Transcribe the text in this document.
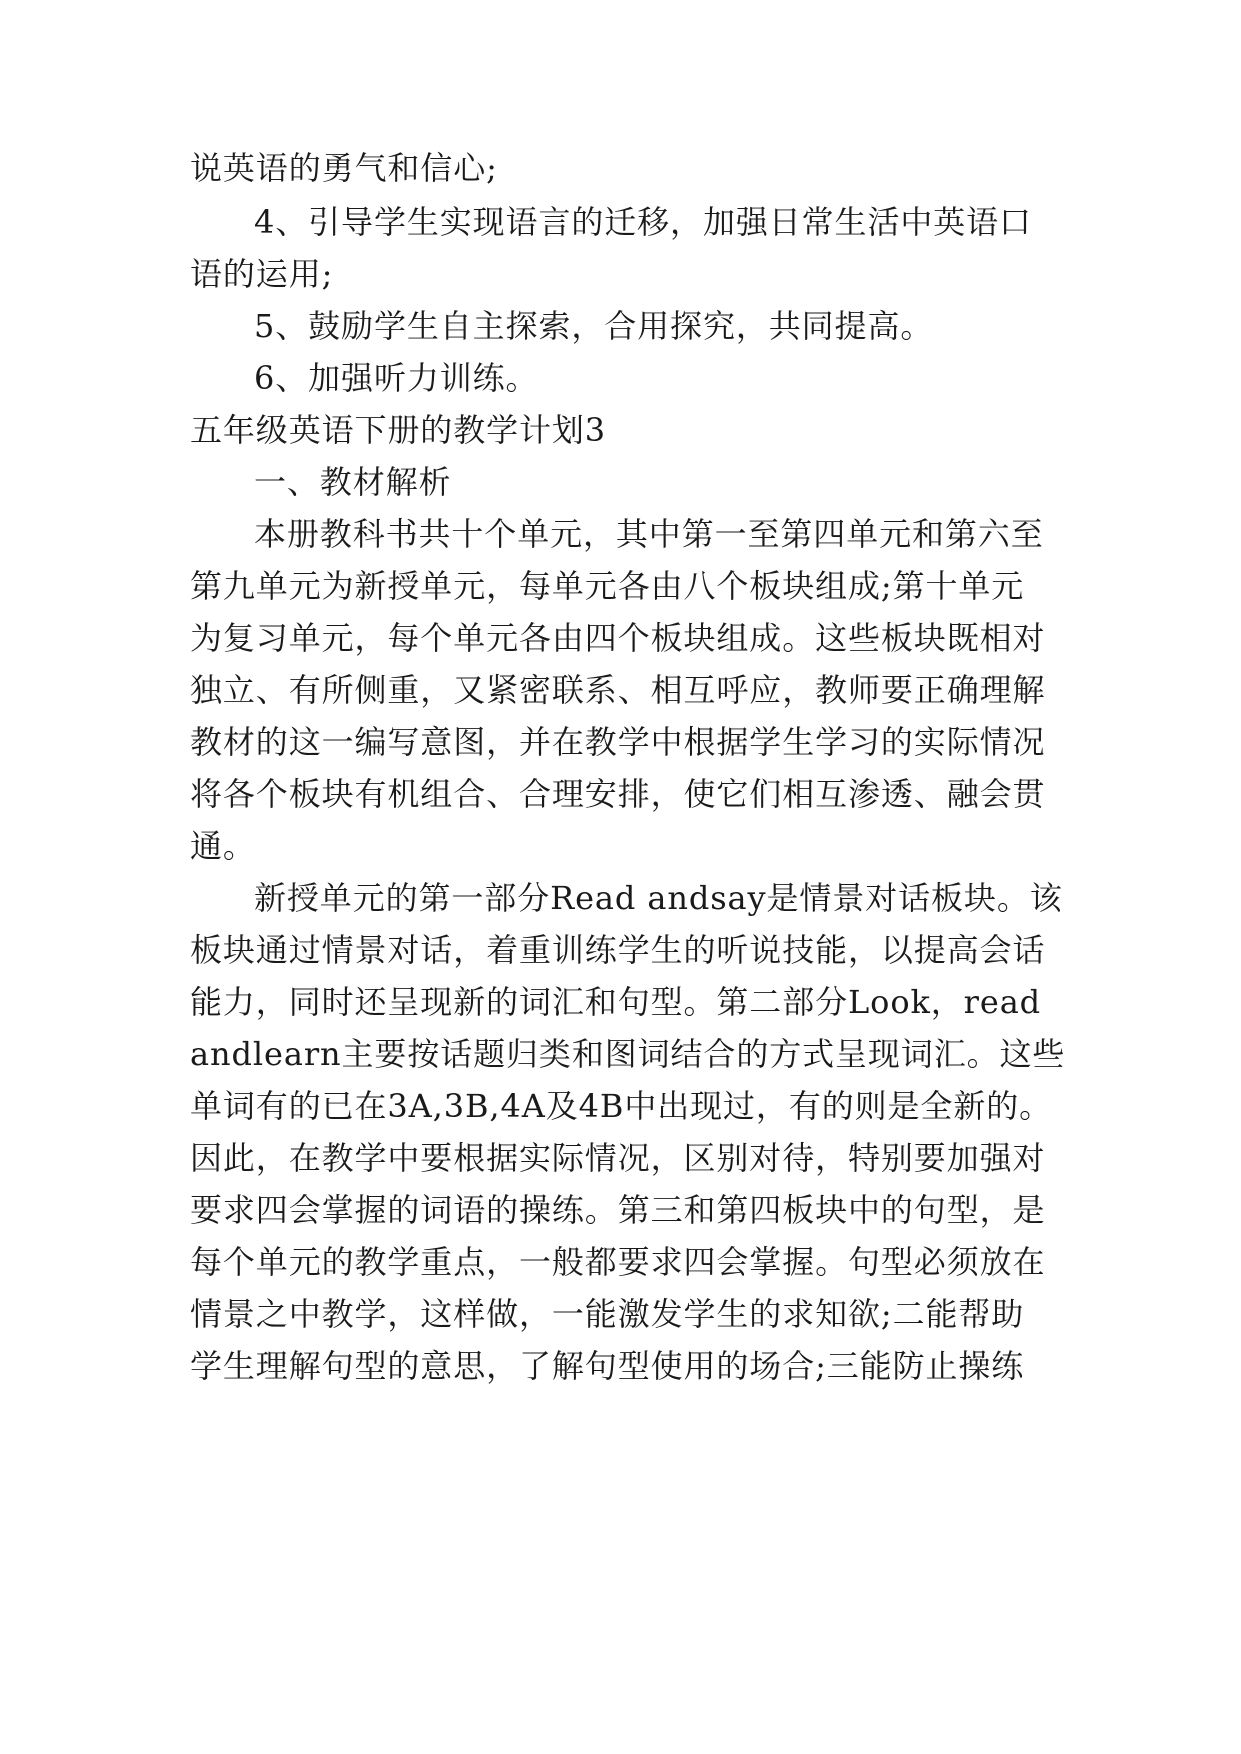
说英语的勇气和信心;
4、引导学生实现语言的迁移，加强日常生活中英语口
语的运用;
5、鼓励学生自主探索，合用探究，共同提高。
6、加强听力训练。
五年级英语下册的教学计划3
一、教材解析
本册教科书共十个单元，其中第一至第四单元和第六至
第九单元为新授单元，每单元各由八个板块组成;第十单元
为复习单元，每个单元各由四个板块组成。这些板块既相对
独立、有所侧重，又紧密联系、相互呼应，教师要正确理解
教材的这一编写意图，并在教学中根据学生学习的实际情况
将各个板块有机组合、合理安排，使它们相互渗透、融会贯
通。
新授单元的第一部分Read andsay是情景对话板块。该
板块通过情景对话，着重训练学生的听说技能，以提高会话
能力，同时还呈现新的词汇和句型。第二部分Look，read
andlearn主要按话题归类和图词结合的方式呈现词汇。这些
单词有的已在3A,3B,4A及4B中出现过，有的则是全新的。
因此，在教学中要根据实际情况，区别对待，特别要加强对
要求四会掌握的词语的操练。第三和第四板块中的句型，是
每个单元的教学重点，一般都要求四会掌握。句型必须放在
情景之中教学，这样做，一能激发学生的求知欲;二能帮助
学生理解句型的意思，了解句型使用的场合;三能防止操练
